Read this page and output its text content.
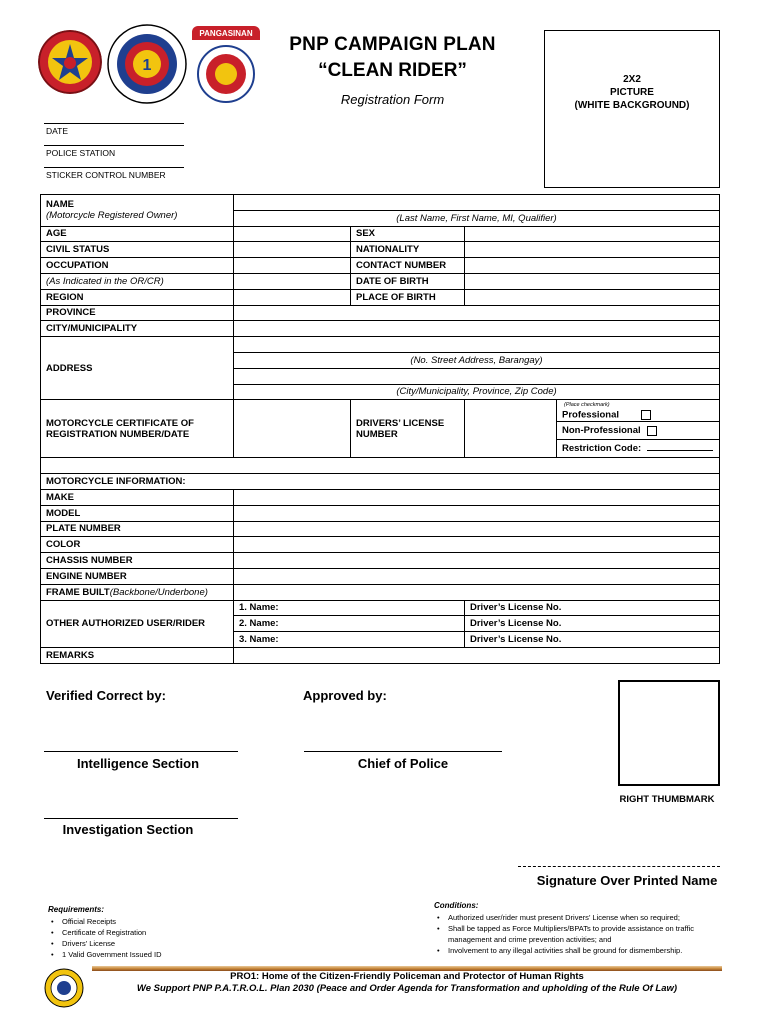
1
PANGASINAN
PNP CAMPAIGN PLAN
“CLEAN RIDER”
Registration Form
2X2
PICTURE
(WHITE BACKGROUND)
DATE
POLICE STATION
STICKER CONTROL NUMBER
NAME
(Motorcycle Registered Owner)				
	(Last Name, First Name, MI, Qualifier)			
AGE		SEX		
CIVIL STATUS		NATIONALITY		
OCCUPATION		CONTACT NUMBER		
(As Indicated in the OR/CR)		DATE OF BIRTH		
REGION		PLACE OF BIRTH		
PROVINCE				
CITY/MUNICIPALITY				
ADDRESS				
	(No. Street Address, Barangay)			

	(City/Municipality, Province, Zip Code)			
MOTORCYCLE CERTIFICATE OF REGISTRATION NUMBER/DATE		DRIVERS’ LICENSE NUMBER		(Place checkmark)
Professional
				Non-Professional
				Restriction Code:

MOTORCYCLE INFORMATION:				
MAKE				
MODEL				
PLATE NUMBER				
COLOR				
CHASSIS NUMBER				
ENGINE NUMBER				
FRAME BUILT(Backbone/Underbone)				
OTHER AUTHORIZED USER/RIDER	1. Name:		Driver’s License No.	
	2. Name:		Driver’s License No.	
	3. Name:		Driver’s License No.	
REMARKS				
Verified Correct by:	Approved by:
Intelligence Section	Chief of Police
Investigation Section
RIGHT THUMBMARK
Signature Over Printed Name
Requirements:
• Official Receipts
• Certificate of Registration
• Drivers’ License
• 1 Valid Government Issued ID
Conditions:
• Authorized user/rider must present Drivers’ License when so required;
• Shall be tapped as Force Multipliers/BPATs to provide assistance on traffic management and crime prevention activities; and
• Involvement to any illegal activities shall be ground for dismembership.
PRO1: Home of the Citizen-Friendly Policeman and Protector of Human Rights
We Support PNP P.A.T.R.O.L. Plan 2030 (Peace and Order Agenda for Transformation and upholding of the Rule Of Law)
